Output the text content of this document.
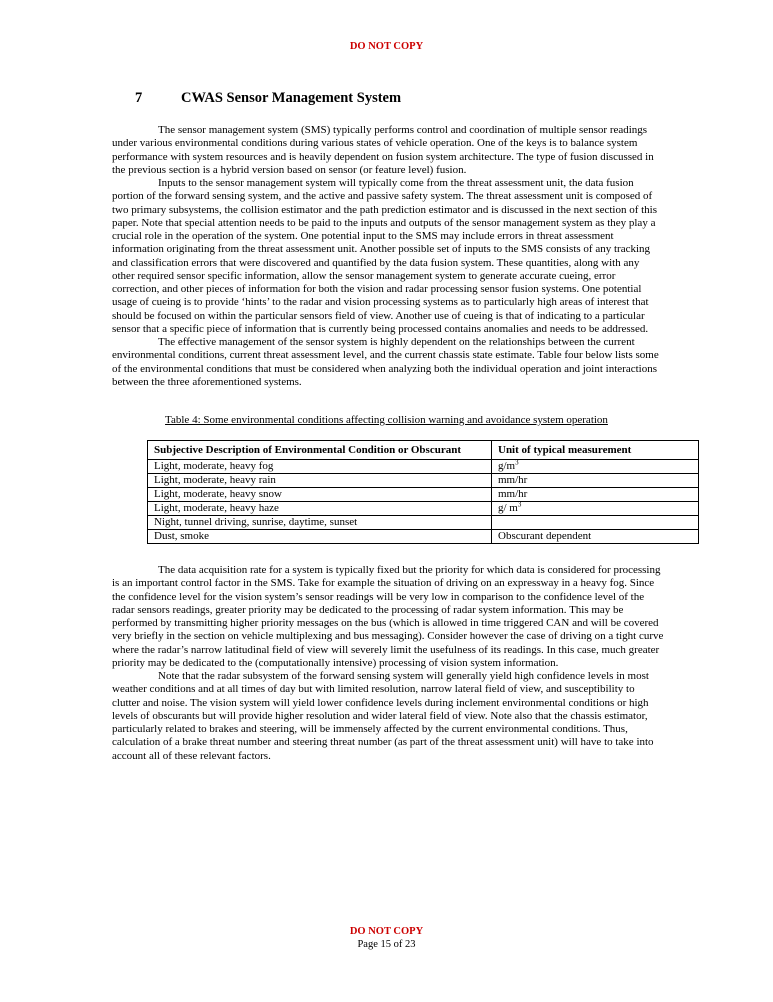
DO NOT COPY
7	CWAS Sensor Management System

The sensor management system (SMS) typically performs control and coordination of multiple sensor readings under various environmental conditions during various states of vehicle operation. One of the keys is to balance system performance with system resources and is heavily dependent on fusion system architecture. The type of fusion discussed in the previous section is a hybrid version based on sensor (or feature level) fusion.

Inputs to the sensor management system will typically come from the threat assessment unit, the data fusion portion of the forward sensing system, and the active and passive safety system. The threat assessment unit is composed of two primary subsystems, the collision estimator and the path prediction estimator and is discussed in the next section of this paper. Note that special attention needs to be paid to the inputs and outputs of the sensor management system as they play a crucial role in the operation of the system. One potential input to the SMS may include errors in threat assessment information originating from the threat assessment unit. Another possible set of inputs to the SMS consists of any tracking and classification errors that were discovered and quantified by the data fusion system. These quantities, along with any other required sensor specific information, allow the sensor management system to generate accurate cueing, error correction, and other pieces of information for both the vision and radar processing sensor fusion systems. One potential usage of cueing is to provide ‘hints’ to the radar and vision processing systems as to particularly high areas of interest that should be focused on within the particular sensors field of view. Another use of cueing is that of indicating to a particular sensor that a specific piece of information that is currently being processed contains anomalies and needs to be addressed.

The effective management of the sensor system is highly dependent on the relationships between the current environmental conditions, current threat assessment level, and the current chassis state estimate. Table four below lists some of the environmental conditions that must be considered when analyzing both the individual operation and joint interactions between the three aforementioned systems.

Table 4: Some environmental conditions affecting collision warning and avoidance system operation
Subjective Description of Environmental Condition or Obscurant	Unit of typical measurement
Light, moderate, heavy fog	$g/m^3$
Light, moderate, heavy rain	mm/hr
Light, moderate, heavy snow	mm/hr
Light, moderate, heavy haze	g/ $m^3$
Night, tunnel driving, sunrise, daytime, sunset	
Dust, smoke	Obscurant dependent

The data acquisition rate for a system is typically fixed but the priority for which data is considered for processing is an important control factor in the SMS. Take for example the situation of driving on an expressway in a heavy fog. Since the confidence level for the vision system’s sensor readings will be very low in comparison to the confidence level of the radar sensors readings, greater priority may be dedicated to the processing of radar system information. This may be performed by transmitting higher priority messages on the bus (which is allowed in time triggered CAN and will be covered very briefly in the section on vehicle multiplexing and bus messaging). Consider however the case of driving on a tight curve where the radar’s narrow latitudinal field of view will severely limit the usefulness of its readings. In this case, much greater priority may be dedicated to the (computationally intensive) processing of vision system information.

Note that the radar subsystem of the forward sensing system will generally yield high confidence levels in most weather conditions and at all times of day but with limited resolution, narrow lateral field of view, and susceptibility to clutter and noise. The vision system will yield lower confidence levels during inclement environmental conditions or high levels of obscurants but will provide higher resolution and wider lateral field of view. Note also that the chassis estimator, particularly related to brakes and steering, will be immensely affected by the current environmental conditions. Thus, calculation of a brake threat number and steering threat number (as part of the threat assessment unit) will have to take into account all of these relevant factors.

DO NOT COPY
Page 15 of 23
